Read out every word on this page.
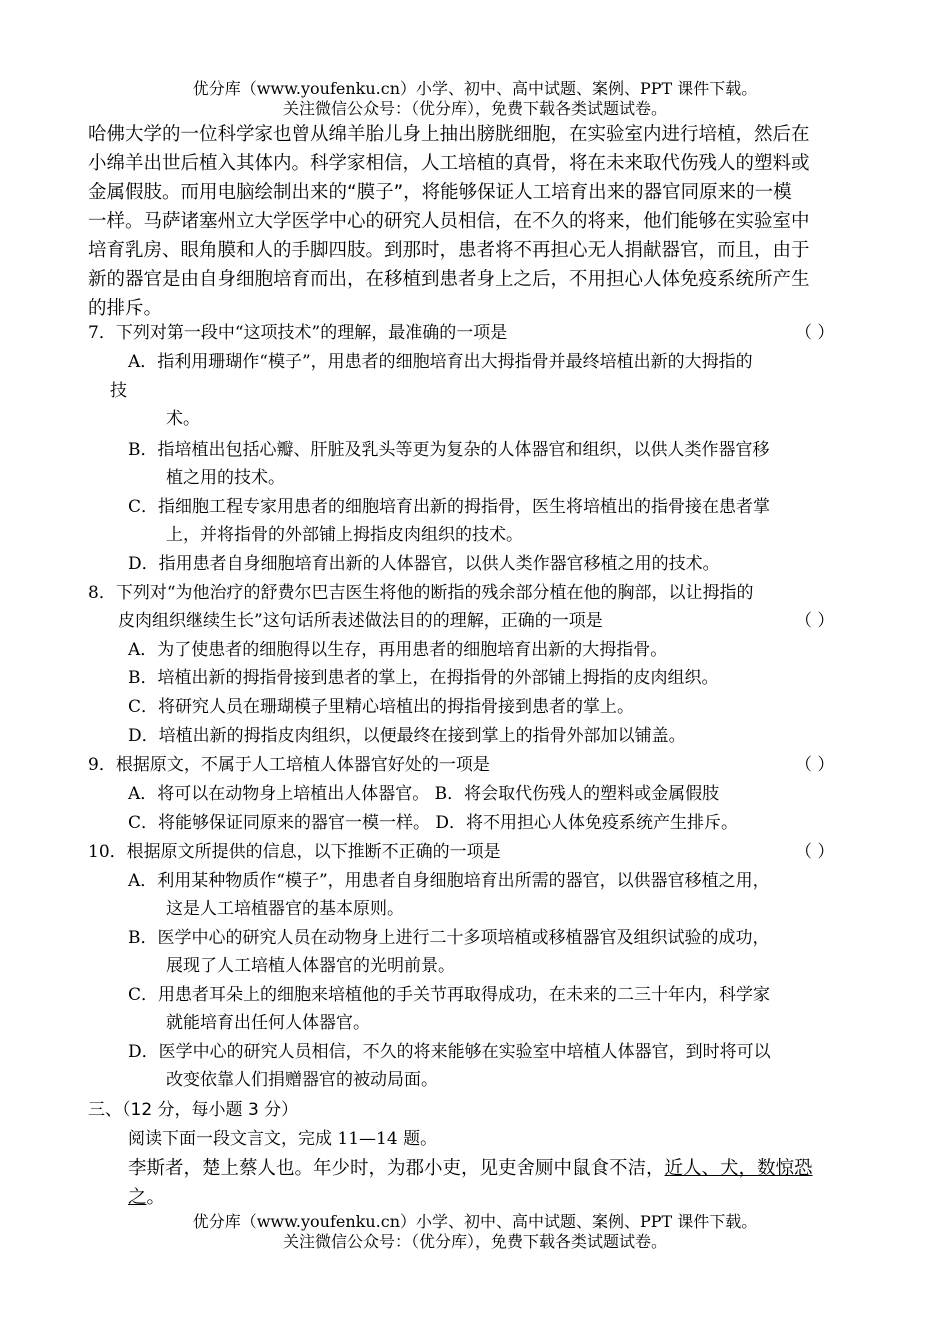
优分库（www.youfenku.cn）小学、初中、高中试题、案例、PPT 课件下载。
关注微信公众号：（优分库），免费下载各类试题试卷。
哈佛大学的一位科学家也曾从绵羊胎儿身上抽出膀胱细胞，在实验室内进行培植，然后在
小绵羊出世后植入其体内。科学家相信，人工培植的真骨，将在未来取代伤残人的塑料或
金属假肢。而用电脑绘制出来的“膜子”，将能够保证人工培育出来的器官同原来的一模
一样。马萨诸塞州立大学医学中心的研究人员相信，在不久的将来，他们能够在实验室中
培育乳房、眼角膜和人的手脚四肢。到那时，患者将不再担心无人捐献器官，而且，由于
新的器官是由自身细胞培育而出，在移植到患者身上之后，不用担心人体免疫系统所产生
的排斥。
7．下列对第一段中“这项技术”的理解，最准确的一项是	（ ）
A．指利用珊瑚作“模子”，用患者的细胞培育出大拇指骨并最终培植出新的大拇指的
技
术。
B．指培植出包括心瓣、肝脏及乳头等更为复杂的人体器官和组织，以供人类作器官移
植之用的技术。
C．指细胞工程专家用患者的细胞培育出新的拇指骨，医生将培植出的指骨接在患者掌
上，并将指骨的外部铺上拇指皮肉组织的技术。
D．指用患者自身细胞培育出新的人体器官，以供人类作器官移植之用的技术。
8．下列对“为他治疗的舒费尔巴吉医生将他的断指的残余部分植在他的胸部，以让拇指的
皮肉组织继续生长”这句话所表述做法目的的理解，正确的一项是	（ ）
A．为了使患者的细胞得以生存，再用患者的细胞培育出新的大拇指骨。
B．培植出新的拇指骨接到患者的掌上，在拇指骨的外部铺上拇指的皮肉组织。
C．将研究人员在珊瑚模子里精心培植出的拇指骨接到患者的掌上。
D．培植出新的拇指皮肉组织，以便最终在接到掌上的指骨外部加以铺盖。
9．根据原文，不属于人工培植人体器官好处的一项是	（ ）
A．将可以在动物身上培植出人体器官。 B．将会取代伤残人的塑料或金属假肢
C．将能够保证同原来的器官一模一样。 D．将不用担心人体免疫系统产生排斥。
10．根据原文所提供的信息，以下推断不正确的一项是	（ ）
A．利用某种物质作“模子”，用患者自身细胞培育出所需的器官，以供器官移植之用，
这是人工培植器官的基本原则。
B．医学中心的研究人员在动物身上进行二十多项培植或移植器官及组织试验的成功，
展现了人工培植人体器官的光明前景。
C．用患者耳朵上的细胞来培植他的手关节再取得成功，在未来的二三十年内，科学家
就能培育出任何人体器官。
D．医学中心的研究人员相信，不久的将来能够在实验室中培植人体器官，到时将可以
改变依靠人们捐赠器官的被动局面。
三、（12 分，每小题 3 分）
阅读下面一段文言文，完成 11—14 题。
李斯者，楚上蔡人也。年少时，为郡小吏，见吏舍厕中鼠食不洁，近人、犬，数惊恐
之。
优分库（www.youfenku.cn）小学、初中、高中试题、案例、PPT 课件下载。
关注微信公众号：（优分库），免费下载各类试题试卷。
